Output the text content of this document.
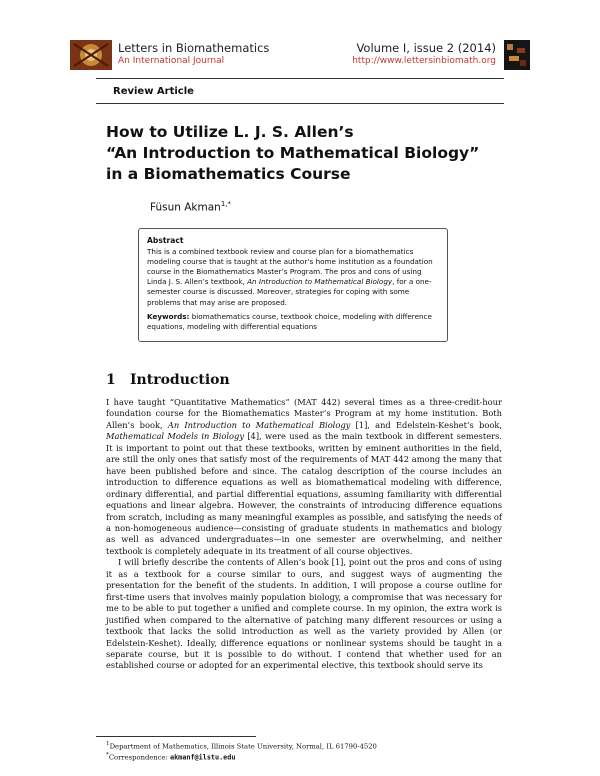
Letters in Biomathematics
An International Journal
Volume I, issue 2 (2014)
http://www.lettersinbiomath.org
Review Article
How to Utilize L. J. S. Allen’s
“An Introduction to Mathematical Biology”
in a Biomathematics Course
Füsun Akman$^{1,*}$
Abstract
This is a combined textbook review and course plan for a biomathematics modeling course that is taught at the author’s home institution as a foundation course in the Biomathematics Master’s Program. The pros and cons of using Linda J. S. Allen’s textbook, An Introduction to Mathematical Biology, for a one-semester course is discussed. Moreover, strategies for coping with some problems that may arise are proposed.
Keywords: biomathematics course, textbook choice, modeling with difference equations, modeling with differential equations
1 Introduction

I have taught “Quantitative Mathematics” (MAT 442) several times as a three-credit-hour foundation course for the Biomathematics Master’s Program at my home institution. Both Allen’s book, An Introduction to Mathematical Biology [1], and Edelstein-Keshet’s book, Mathematical Models in Biology [4], were used as the main textbook in different semesters. It is important to point out that these textbooks, written by eminent authorities in the field, are still the only ones that satisfy most of the requirements of MAT 442 among the many that have been published before and since. The catalog description of the course includes an introduction to difference equations as well as biomathematical modeling with difference, ordinary differential, and partial differential equations, assuming familiarity with differential equations and linear algebra. However, the constraints of introducing difference equations from scratch, including as many meaningful examples as possible, and satisfying the needs of a non-homogeneous audience—consisting of graduate students in mathematics and biology as well as advanced undergraduates—in one semester are overwhelming, and neither textbook is completely adequate in its treatment of all course objectives.

I will briefly describe the contents of Allen’s book [1], point out the pros and cons of using it as a textbook for a course similar to ours, and suggest ways of augmenting the presentation for the benefit of the students. In addition, I will propose a course outline for first-time users that involves mainly population biology, a compromise that was necessary for me to be able to put together a unified and complete course. In my opinion, the extra work is justified when compared to the alternative of patching many different resources or using a textbook that lacks the solid introduction as well as the variety provided by Allen (or Edelstein-Keshet). Ideally, difference equations or nonlinear systems should be taught in a separate course, but it is possible to do without. I contend that whether used for an established course or adopted for an experimental elective, this textbook should serve its

$^1$Department of Mathematics, Illinois State University, Normal, IL 61790-4520
*Correspondence: akmanf@ilstu.edu
